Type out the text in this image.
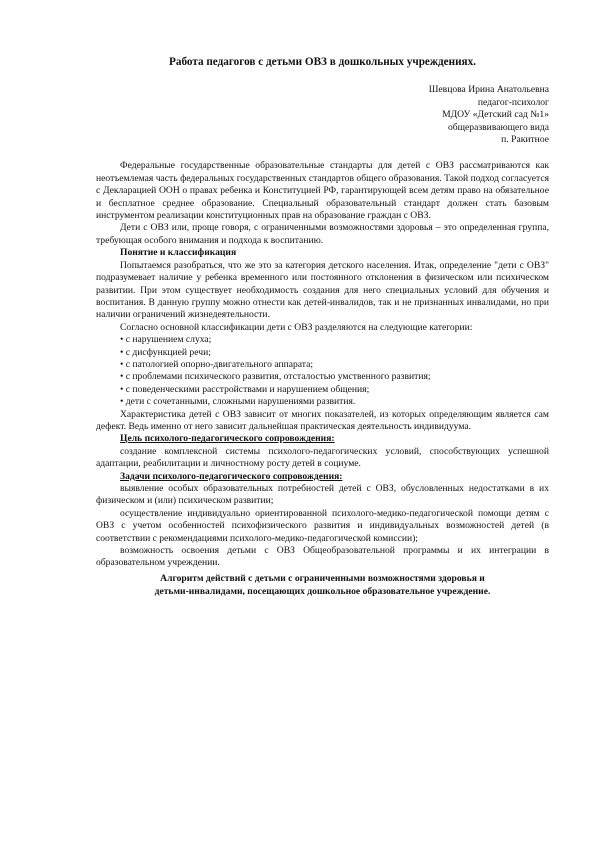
Работа педагогов с детьми ОВЗ в дошкольных учреждениях.
Шевцова Ирина Анатольевна
педагог-психолог
МДОУ «Детский сад №1»
общеразвивающего вида
п. Ракитное

Федеральные государственные образовательные стандарты для детей с ОВЗ рассматриваются как неотъемлемая часть федеральных государственных стандартов общего образования. Такой подход согласуется с Декларацией ООН о правах ребенка и Конституцией РФ, гарантирующей всем детям право на обязательное и бесплатное среднее образование. Специальный образовательный стандарт должен стать базовым инструментом реализации конституционных прав на образование граждан с ОВЗ.

Дети с ОВЗ или, проще говоря, с ограниченными возможностями здоровья – это определенная группа, требующая особого внимания и подхода к воспитанию.

Понятие и классификация

Попытаемся разобраться, что же это за категория детского населения. Итак, определение "дети с ОВЗ" подразумевает наличие у ребенка временного или постоянного отклонения в физическом или психическом развитии. При этом существует необходимость создания для него специальных условий для обучения и воспитания. В данную группу можно отнести как детей-инвалидов, так и не признанных инвалидами, но при наличии ограничений жизнедеятельности.

Согласно основной классификации дети с ОВЗ разделяются на следующие категории:

• с нарушением слуха;
• с дисфункцией речи;
• с патологией опорно-двигательного аппарата;
• с проблемами психического развития, отсталостью умственного развития;
• с поведенческими расстройствами и нарушением общения;
• дети с сочетанными, сложными нарушениями развития.

Характеристика детей с ОВЗ зависит от многих показателей, из которых определяющим является сам дефект. Ведь именно от него зависит дальнейшая практическая деятельность индивидуума.

Цель психолого-педагогического сопровождения:

создание комплексной системы психолого-педагогических условий, способствующих успешной адаптации, реабилитации и личностному росту детей в социуме.

Задачи психолого-педагогического сопровождения:

выявление особых образовательных потребностей детей с ОВЗ, обусловленных недостатками в их физическом и (или) психическом развитии;

осуществление индивидуально ориентированной психолого-медико-педагогической помощи детям с ОВЗ с учетом особенностей психофизического развития и индивидуальных возможностей детей (в соответствии с рекомендациями психолого-медико-педагогической комиссии);

возможность освоения детьми с ОВЗ Общеобразовательной программы и их интеграции в образовательном учреждении.

Алгоритм действий с детьми с ограниченными возможностями здоровья и
детьми-инвалидами, посещающих дошкольное образовательное учреждение.
